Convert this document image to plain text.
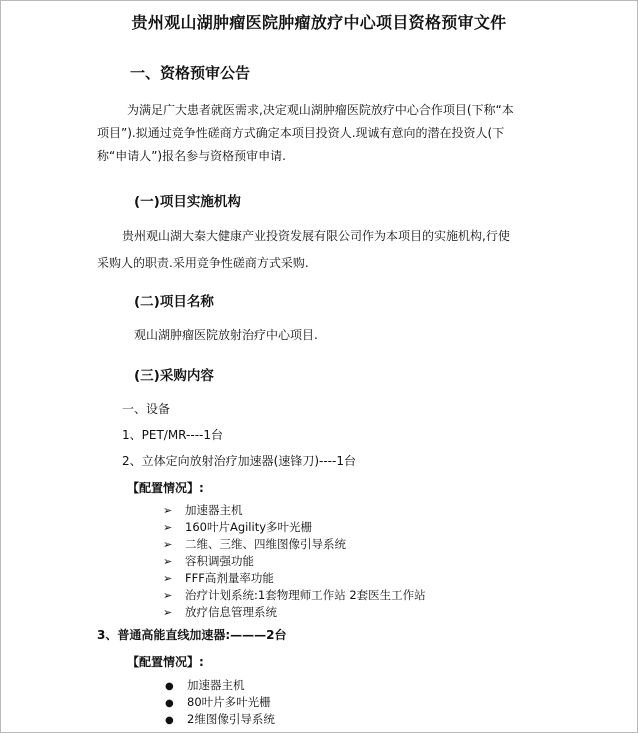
贵州观山湖肿瘤医院肿瘤放疗中心项目资格预审文件
一、资格预审公告
为满足广大患者就医需求,决定观山湖肿瘤医院放疗中心合作项目(下称“本
项目”).拟通过竞争性磋商方式确定本项目投资人.现诚有意向的潜在投资人(下
称“申请人”)报名参与资格预审申请.
(一)项目实施机构
贵州观山湖大秦大健康产业投资发展有限公司作为本项目的实施机构,行使
采购人的职责.采用竞争性磋商方式采购.
(二)项目名称
观山湖肿瘤医院放射治疗中心项目.
(三)采购内容
一、设备
1、PET/MR----1台
2、立体定向放射治疗加速器(速锋刀)----1台
【配置情况】:
➢ 加速器主机
➢ 160叶片Agility多叶光栅
➢ 二维、三维、四维图像引导系统
➢ 容积调强功能
➢ FFF高剂量率功能
➢ 治疗计划系统:1套物理师工作站 2套医生工作站
➢ 放疗信息管理系统
3、普通高能直线加速器:———2台
【配置情况】:
● 加速器主机
● 80叶片多叶光栅
● 2维图像引导系统
